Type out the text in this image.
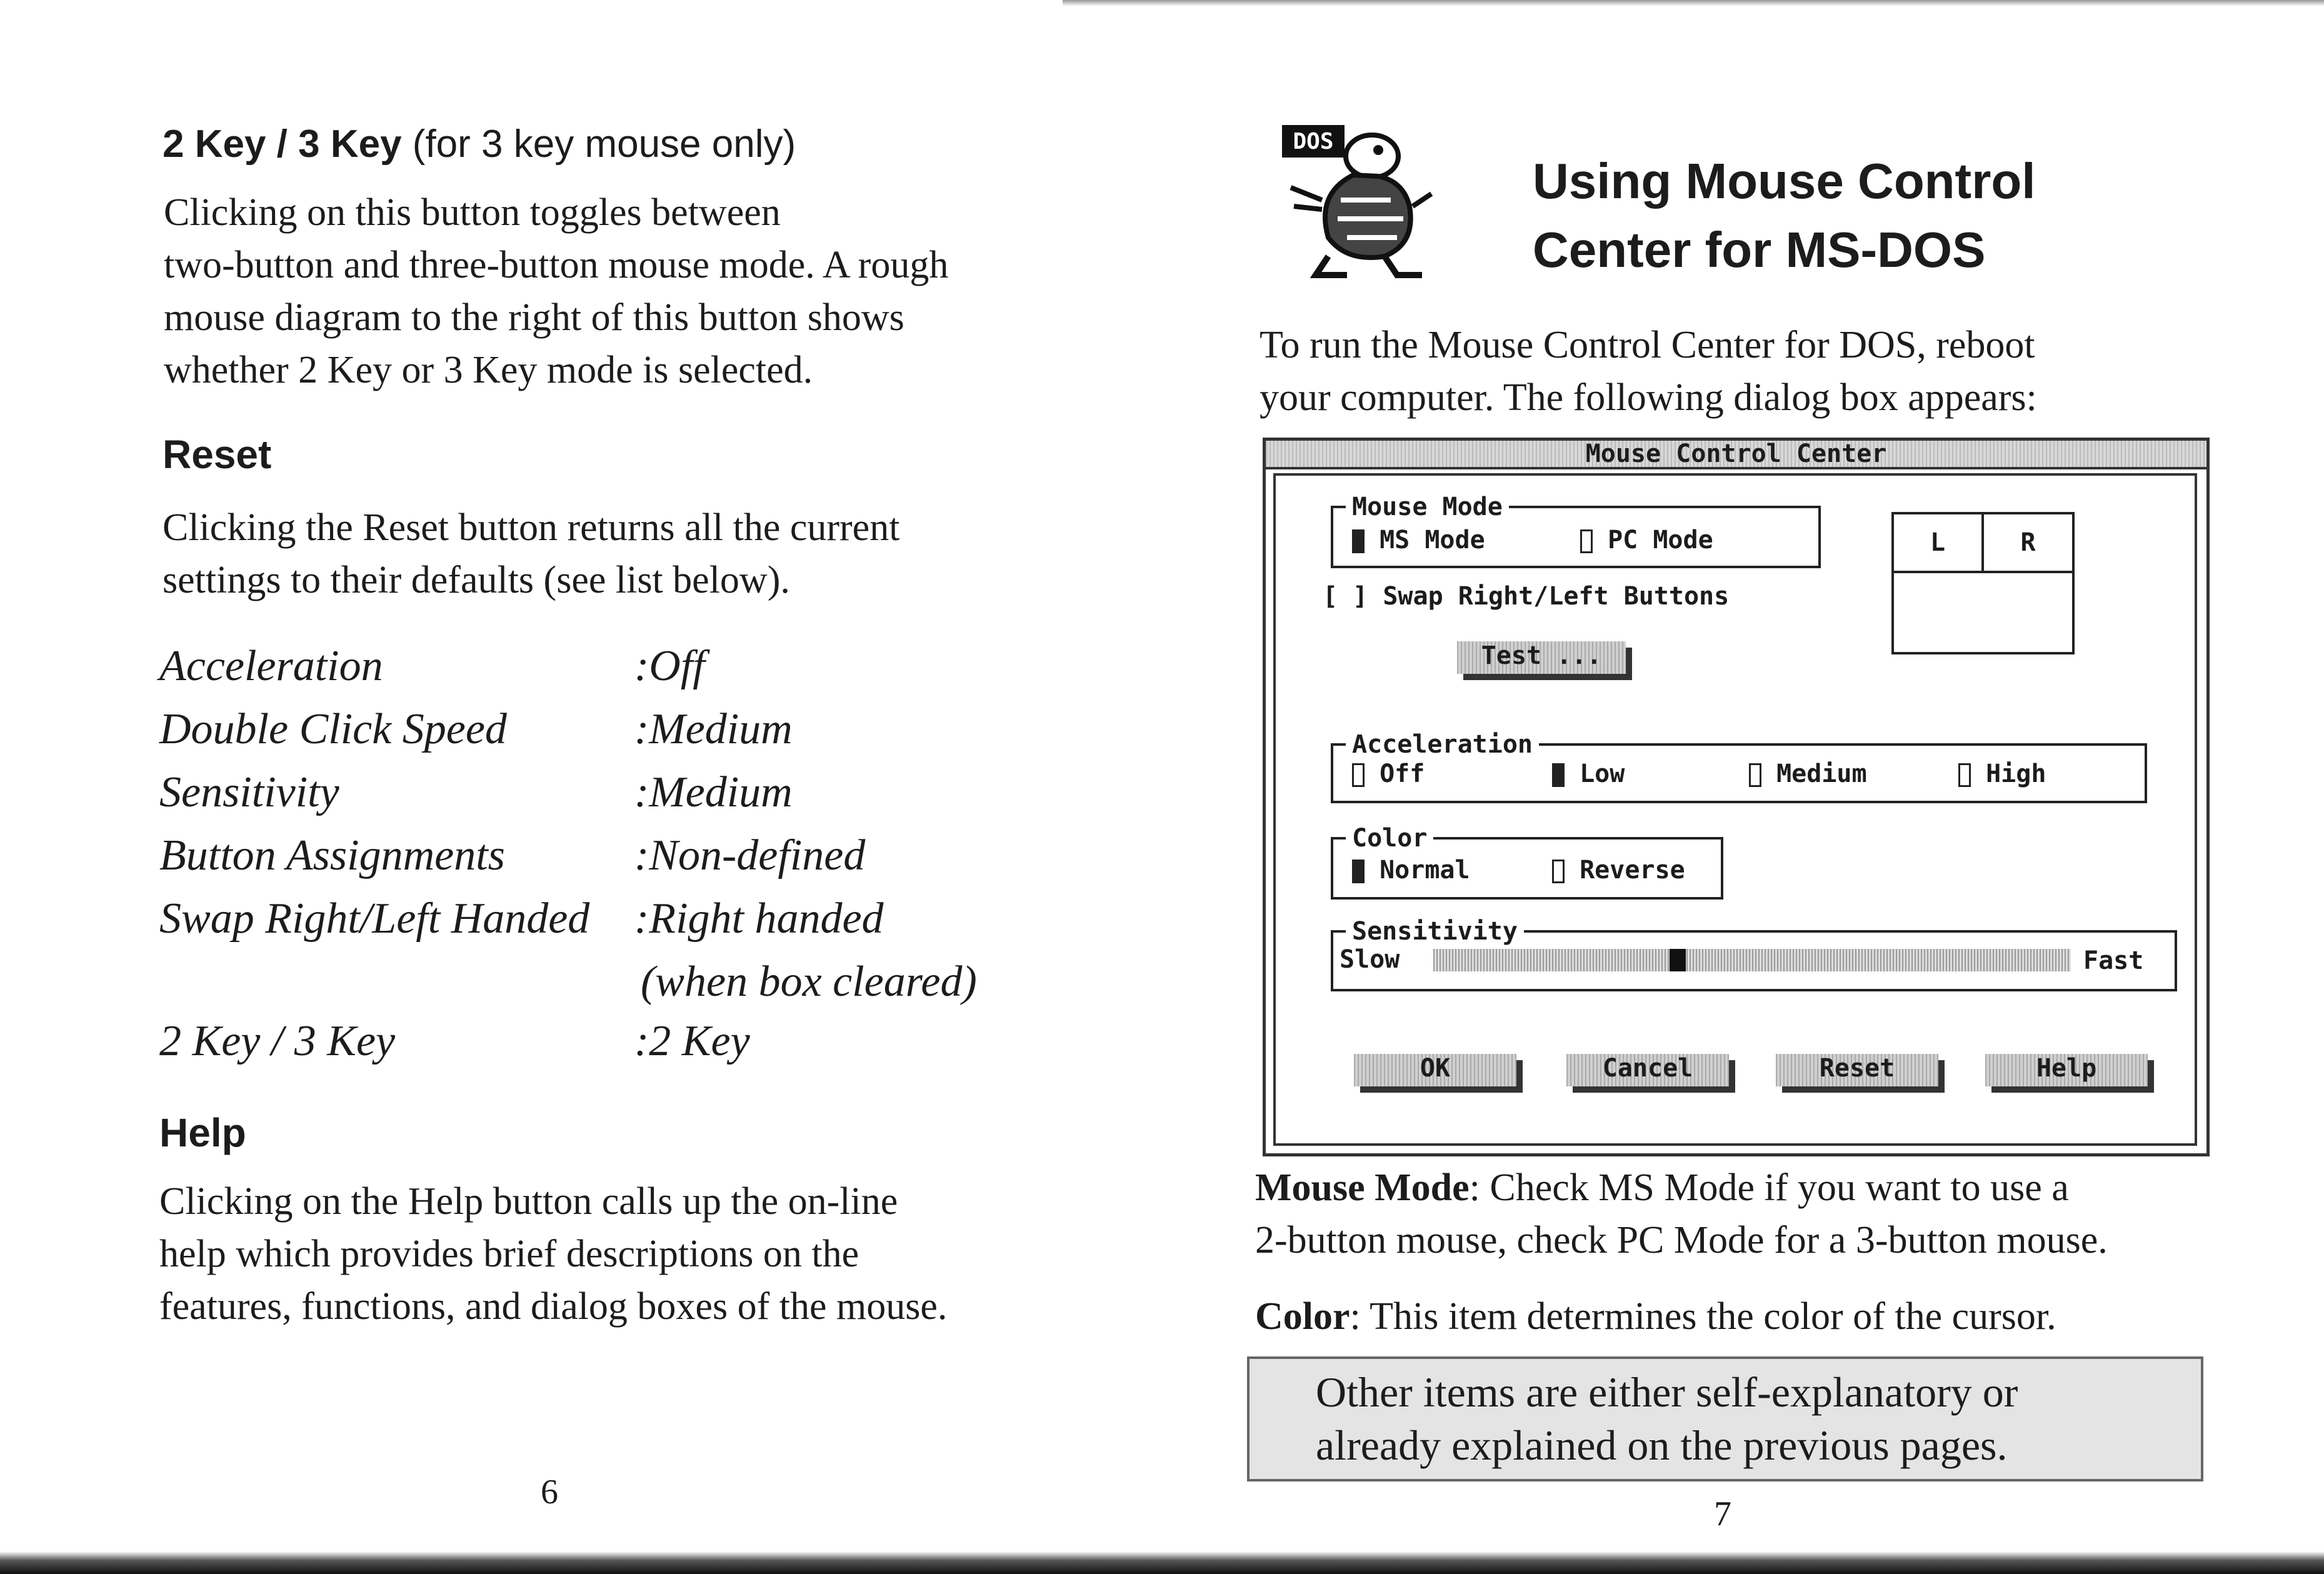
2 Key / 3 Key (for 3 key mouse only)
Clicking on this button toggles between
two-button and three-button mouse mode. A rough
mouse diagram to the right of this button shows
whether 2 Key or 3 Key mode is selected.
Reset
Clicking the Reset button returns all the current
settings to their defaults (see list below).
Acceleration	:Off
Double Click Speed	:Medium
Sensitivity	:Medium
Button Assignments	:Non-defined
Swap Right/Left Handed :Right handed
(when box cleared)
2 Key / 3 Key	:2 Key
Help
Clicking on the Help button calls up the on-line
help which provides brief descriptions on the
features, functions, and dialog boxes of the mouse.
6
DOS
Using Mouse Control
Center for MS-DOS
To run the Mouse Control Center for DOS, reboot
your computer. The following dialog box appears:
Mouse Control Center
Mouse Mode
MS Mode	PC Mode	L	R
[ ] Swap Right/Left Buttons
Test ...
Acceleration
Off	Low	Medium	High
Color
Normal	Reverse
Sensitivity
Slow	Fast
OK	Cancel	Reset	Help
Mouse Mode: Check MS Mode if you want to use a
2-button mouse, check PC Mode for a 3-button mouse.
Color: This item determines the color of the cursor.
Other items are either self-explanatory or
already explained on the previous pages.
7
